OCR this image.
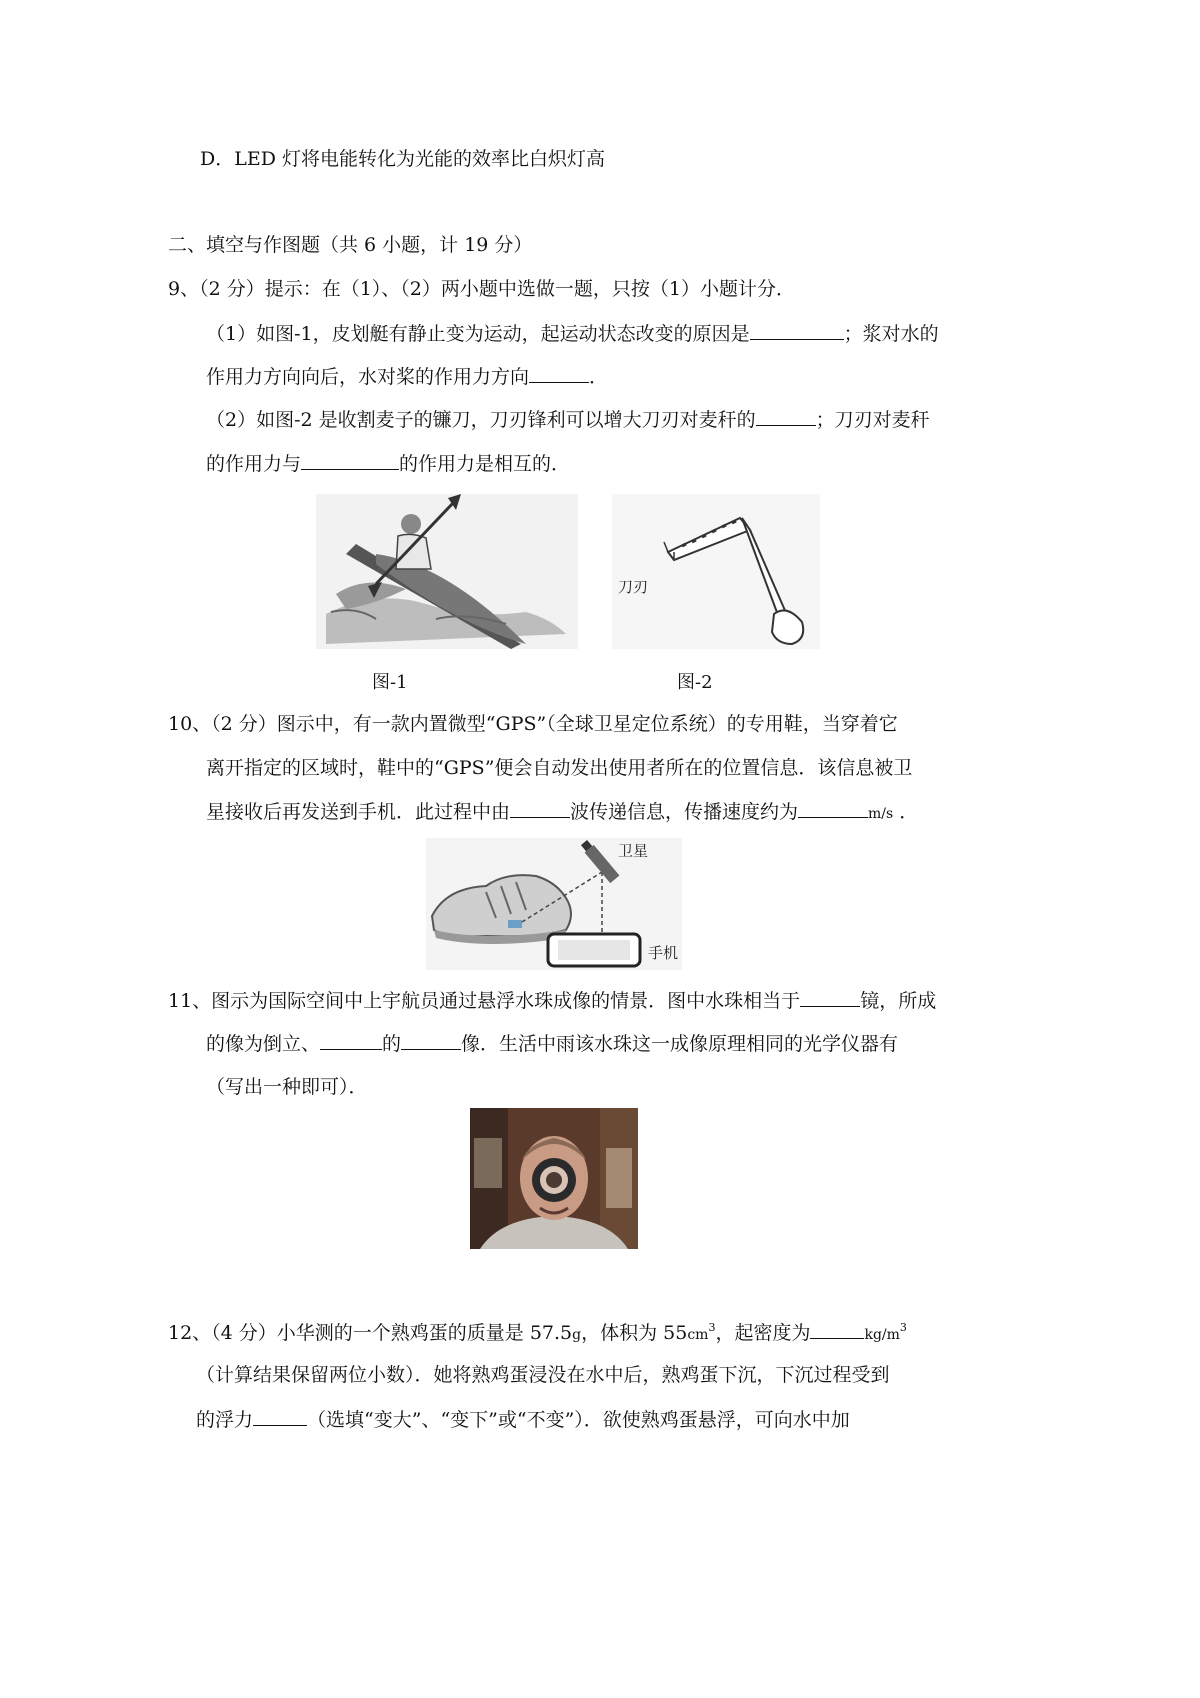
D．LED 灯将电能转化为光能的效率比白炽灯高
二、填空与作图题（共 6 小题，计 19 分）
9、（2 分）提示：在（1）、（2）两小题中选做一题，只按（1）小题计分．
（1）如图-1，皮划艇有静止变为运动，起运动状态改变的原因是	；浆对水的
作用力方向向后，水对桨的作用力方向	．
（2）如图-2 是收割麦子的镰刀，刀刃锋利可以增大刀刃对麦秆的	；刀刃对麦秆
的作用力与	的作用力是相互的．
图-1
刀刃
图-2
10、（2 分）图示中，有一款内置微型“GPS”（全球卫星定位系统）的专用鞋，当穿着它
离开指定的区域时，鞋中的“GPS”便会自动发出使用者所在的位置信息．该信息被卫
星接收后再发送到手机．此过程中由	波传递信息，传播速度约为	m/s ．
卫星
手机
11、图示为国际空间中上宇航员通过悬浮水珠成像的情景．图中水珠相当于	镜，所成
的像为倒立、	的	像．生活中雨该水珠这一成像原理相同的光学仪器有
（写出一种即可）．
12、（4 分）小华测的一个熟鸡蛋的质量是 57.5g，体积为 $55cm^3$，起密度为	$kg/m^3$
（计算结果保留两位小数）．她将熟鸡蛋浸没在水中后，熟鸡蛋下沉，下沉过程受到
的浮力	（选填“变大”、“变下”或“不变”）．欲使熟鸡蛋悬浮，可向水中加
